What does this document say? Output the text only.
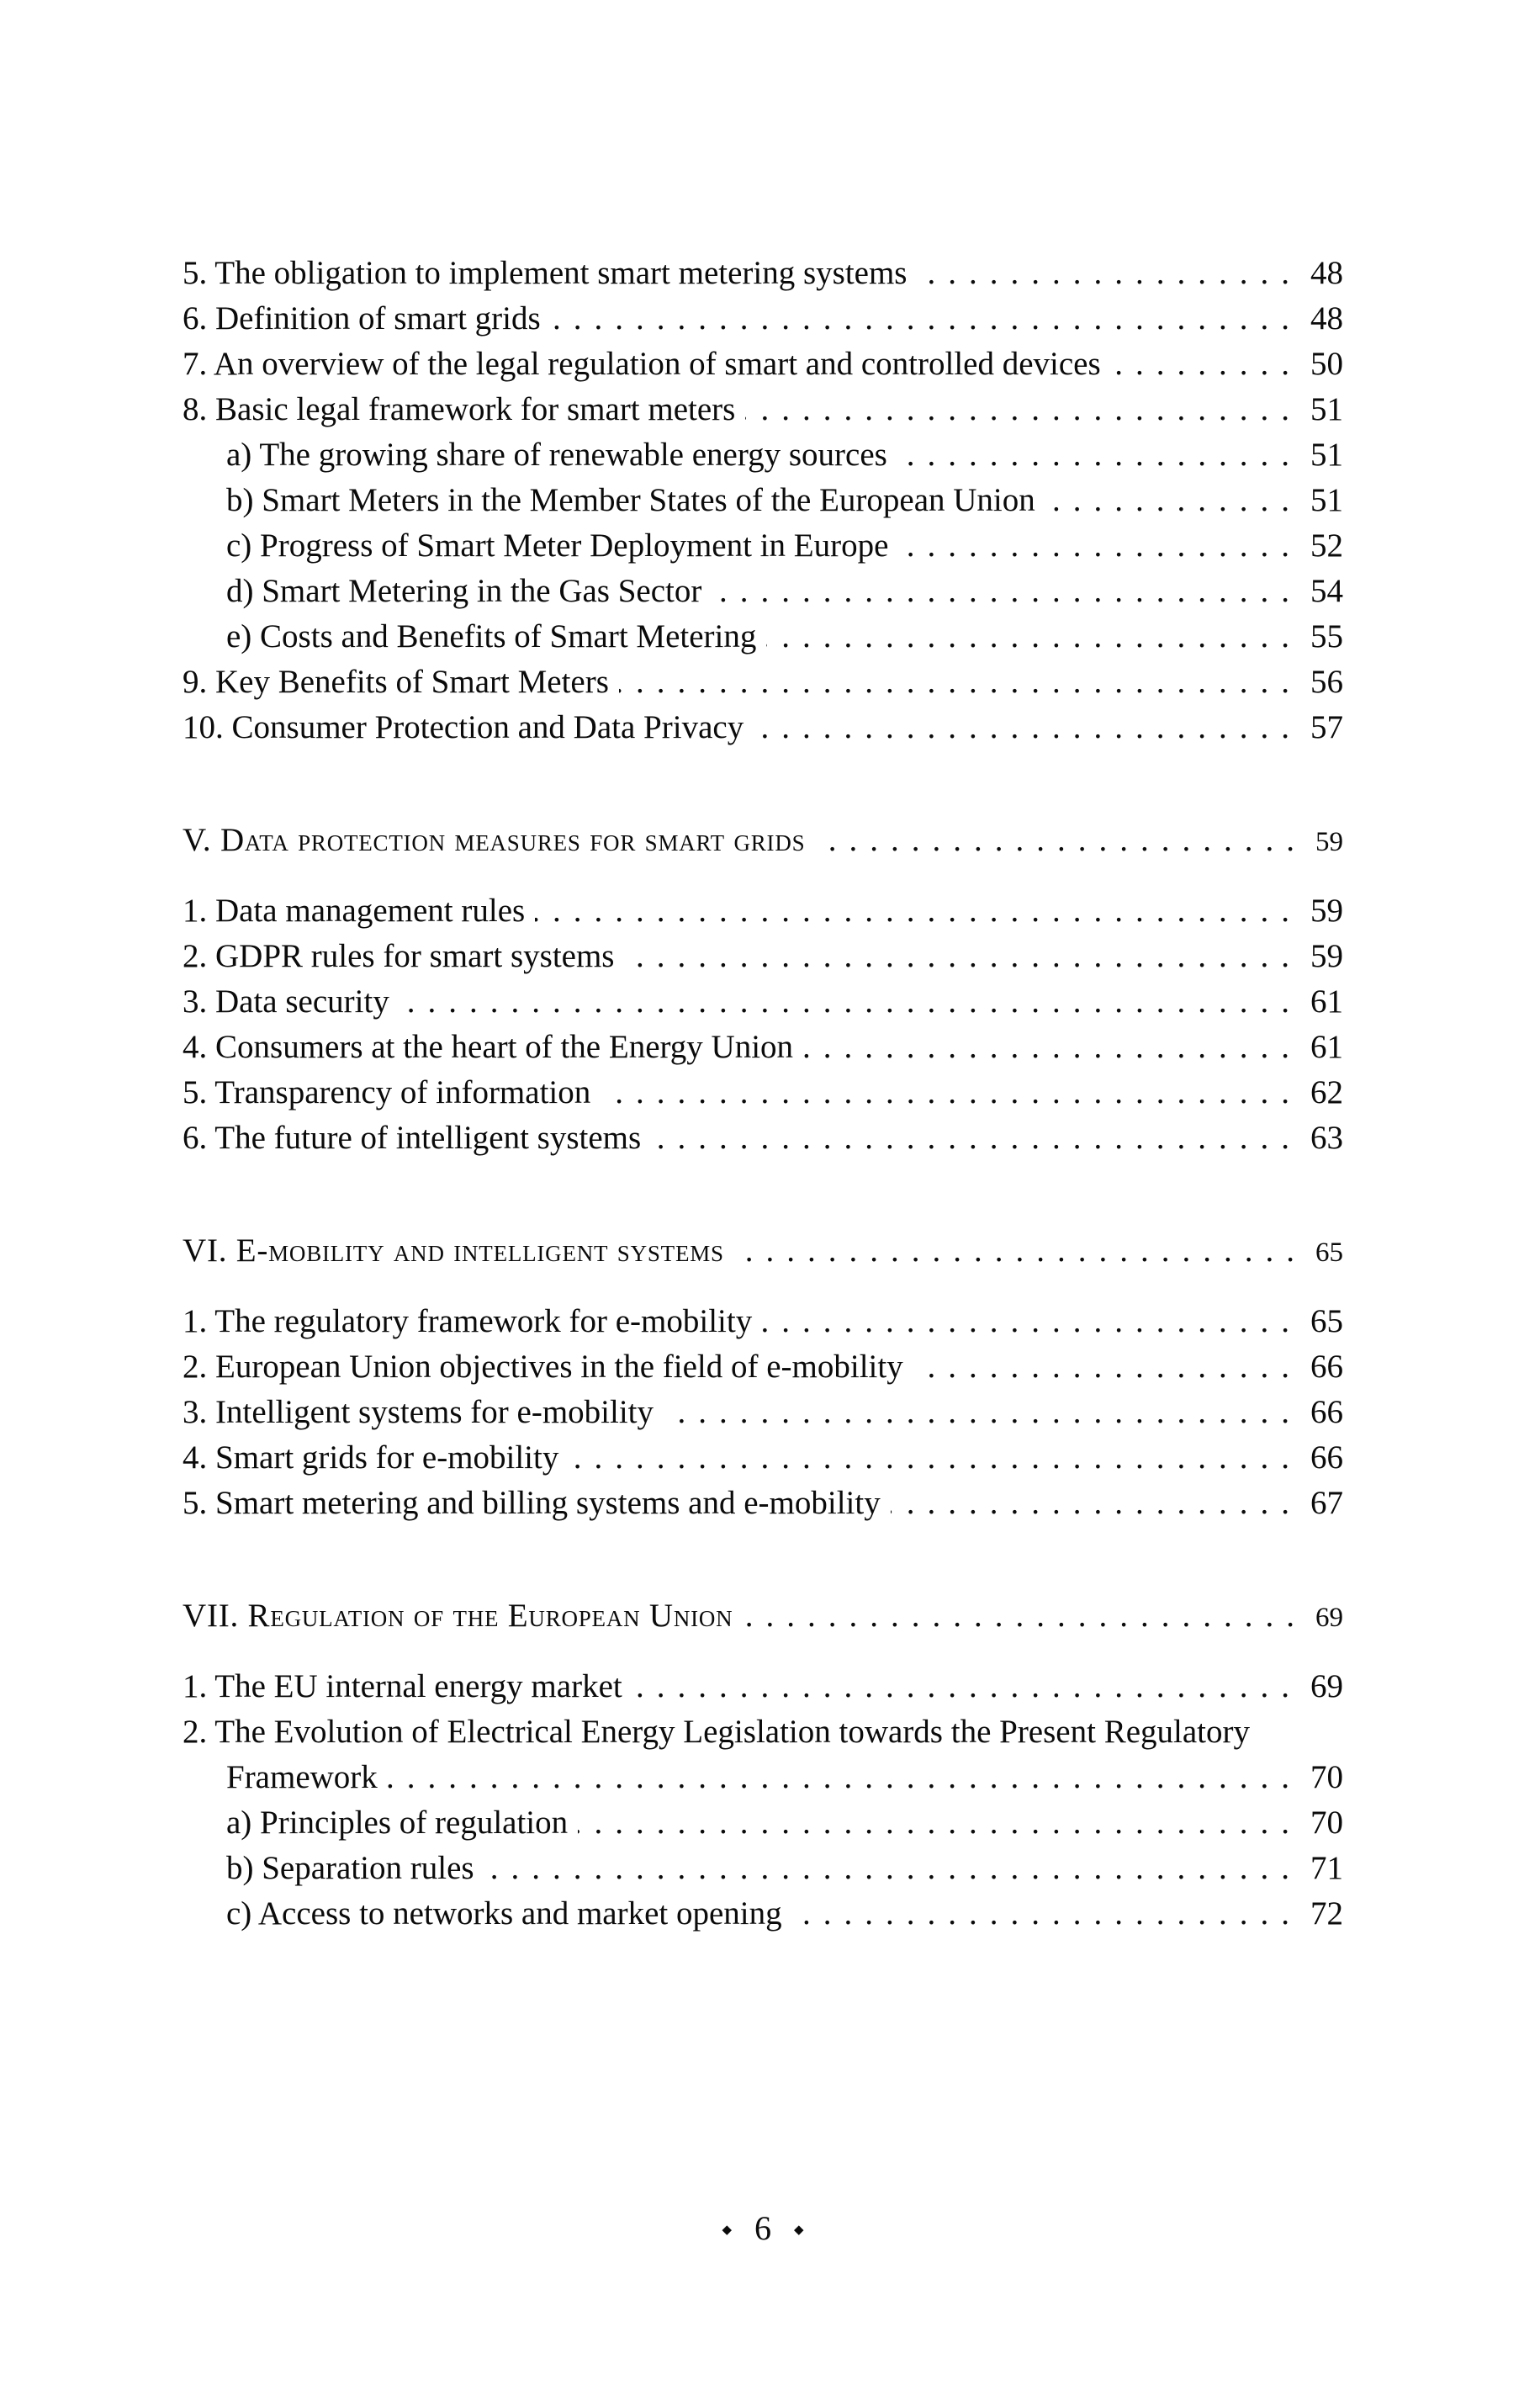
5. The obligation to implement smart metering systems .....	48
6. Definition of smart grids .....	48
7. An overview of the legal regulation of smart and controlled devices .....	50
8. Basic legal framework for smart meters .....	51
a) The growing share of renewable energy sources .....	51
b) Smart Meters in the Member States of the European Union .....	51
c) Progress of Smart Meter Deployment in Europe .....	52
d) Smart Metering in the Gas Sector .....	54
e) Costs and Benefits of Smart Metering .....	55
9. Key Benefits of Smart Meters .....	56
10. Consumer Protection and Data Privacy .....	57
V. Data protection measures for smart grids .....	59
1. Data management rules .....	59
2. GDPR rules for smart systems .....	59
3. Data security .....	61
4. Consumers at the heart of the Energy Union .....	61
5. Transparency of information .....	62
6. The future of intelligent systems .....	63
VI. E-mobility and intelligent systems .....	65
1. The regulatory framework for e-mobility .....	65
2. European Union objectives in the field of e-mobility .....	66
3. Intelligent systems for e-mobility .....	66
4. Smart grids for e-mobility .....	66
5. Smart metering and billing systems and e-mobility .....	67
VII. Regulation of the European Union .....	69
1. The EU internal energy market .....	69
2. The Evolution of Electrical Energy Legislation towards the Present Regulatory
Framework .....	70
a) Principles of regulation .....	70
b) Separation rules .....	71
c) Access to networks and market opening .....	72
◆ 6 ◆
